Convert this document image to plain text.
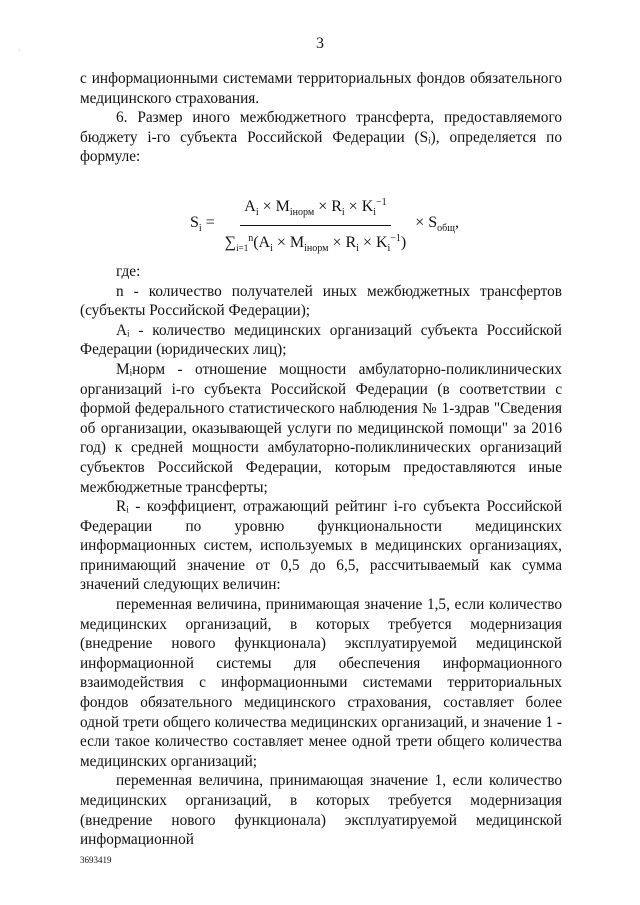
3
·

с информационными системами территориальных фондов обязательного медицинского страхования.

6. Размер иного межбюджетного трансферта, предоставляемого бюджету i-го субъекта Российской Федерации (Sᵢ), определяется по формуле:

$S_i = \frac{A_i \times M_{iнорм} \times R_i \times K_i^{-1}}{\sum_{i=1}^n(A_i \times M_{iнорм} \times R_i \times K_i^{-1})} \times S_{общ}$,

где:

n - количество получателей иных межбюджетных трансфертов (субъекты Российской Федерации);

Aᵢ - количество медицинских организаций субъекта Российской Федерации (юридических лиц);

Mᵢнорм - отношение мощности амбулаторно-поликлинических организаций i-го субъекта Российской Федерации (в соответствии с формой федерального статистического наблюдения № 1-здрав "Сведения об организации, оказывающей услуги по медицинской помощи" за 2016 год) к средней мощности амбулаторно-поликлинических организаций субъектов Российской Федерации, которым предоставляются иные межбюджетные трансферты;

Rᵢ - коэффициент, отражающий рейтинг i-го субъекта Российской Федерации по уровню функциональности медицинских информационных систем, используемых в медицинских организациях, принимающий значение от 0,5 до 6,5, рассчитываемый как сумма значений следующих величин:

переменная величина, принимающая значение 1,5, если количество медицинских организаций, в которых требуется модернизация (внедрение нового функционала) эксплуатируемой медицинской информационной системы для обеспечения информационного взаимодействия с информационными системами территориальных фондов обязательного медицинского страхования, составляет более одной трети общего количества медицинских организаций, и значение 1 - если такое количество составляет менее одной трети общего количества медицинских организаций;

переменная величина, принимающая значение 1, если количество медицинских организаций, в которых требуется модернизация (внедрение нового функционала) эксплуатируемой медицинской информационной

3693419
